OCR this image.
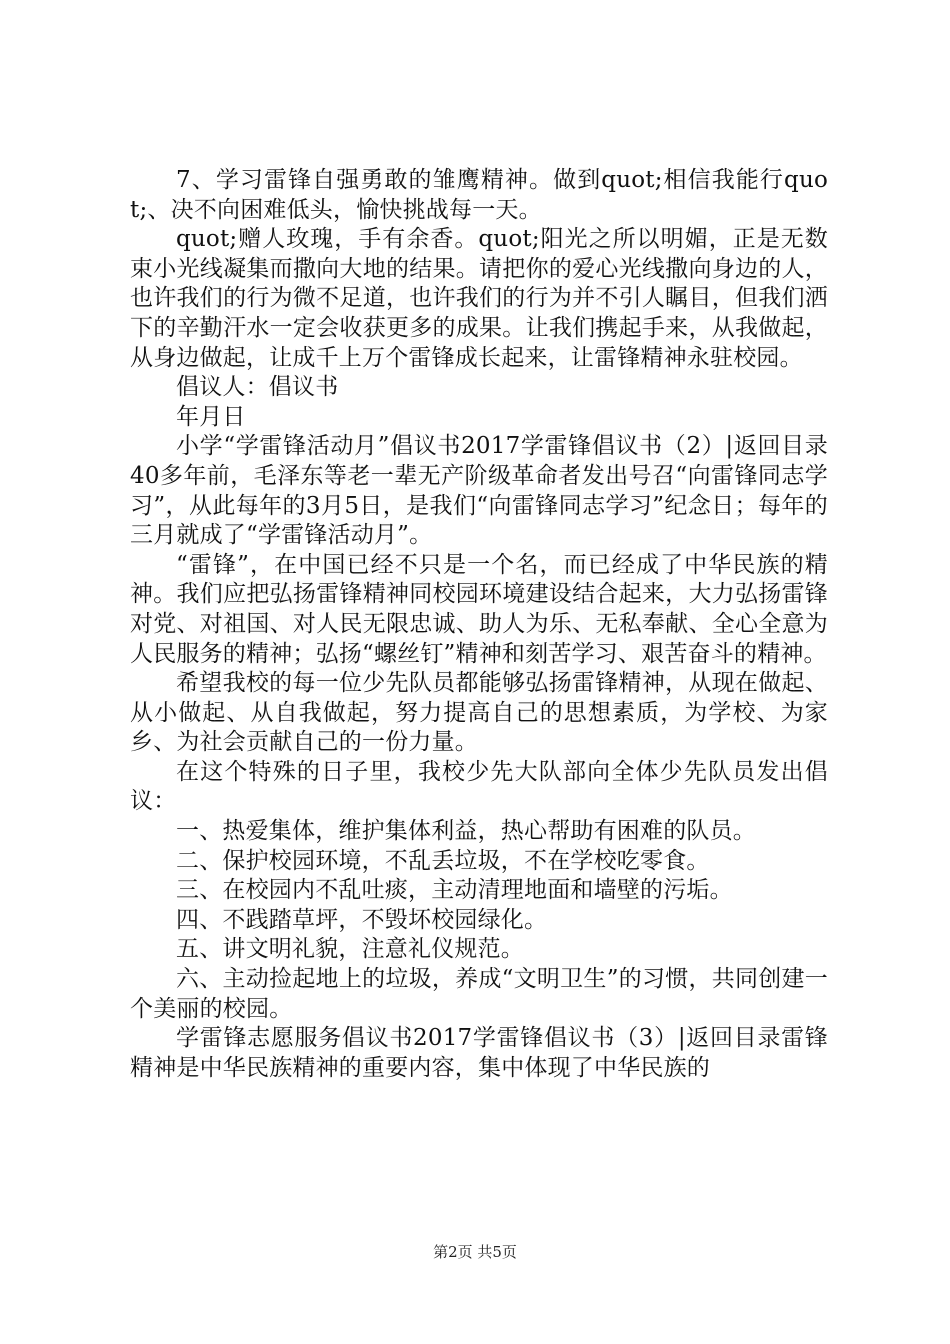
7、学习雷锋自强勇敢的雏鹰精神。做到quot;相信我能行quot;、决不向困难低头，愉快挑战每一天。

quot;赠人玫瑰，手有余香。quot;阳光之所以明媚，正是无数束小光线凝集而撒向大地的结果。请把你的爱心光线撒向身边的人，也许我们的行为微不足道，也许我们的行为并不引人瞩目，但我们洒下的辛勤汗水一定会收获更多的成果。让我们携起手来，从我做起，从身边做起，让成千上万个雷锋成长起来，让雷锋精神永驻校园。

倡议人：倡议书

年月日

小学“学雷锋活动月”倡议书2017学雷锋倡议书（2）|返回目录40多年前，毛泽东等老一辈无产阶级革命者发出号召“向雷锋同志学习”，从此每年的3月5日，是我们“向雷锋同志学习”纪念日；每年的三月就成了“学雷锋活动月”。

“雷锋”，在中国已经不只是一个名，而已经成了中华民族的精神。我们应把弘扬雷锋精神同校园环境建设结合起来，大力弘扬雷锋对党、对祖国、对人民无限忠诚、助人为乐、无私奉献、全心全意为人民服务的精神；弘扬“螺丝钉”精神和刻苦学习、艰苦奋斗的精神。

希望我校的每一位少先队员都能够弘扬雷锋精神，从现在做起、从小做起、从自我做起，努力提高自己的思想素质，为学校、为家乡、为社会贡献自己的一份力量。

在这个特殊的日子里，我校少先大队部向全体少先队员发出倡议：

一、热爱集体，维护集体利益，热心帮助有困难的队员。

二、保护校园环境，不乱丢垃圾，不在学校吃零食。

三、在校园内不乱吐痰，主动清理地面和墙壁的污垢。

四、不践踏草坪，不毁坏校园绿化。

五、讲文明礼貌，注意礼仪规范。

六、主动捡起地上的垃圾，养成“文明卫生”的习惯，共同创建一个美丽的校园。

学雷锋志愿服务倡议书2017学雷锋倡议书（3）|返回目录雷锋精神是中华民族精神的重要内容，集中体现了中华民族的

第2页 共5页
